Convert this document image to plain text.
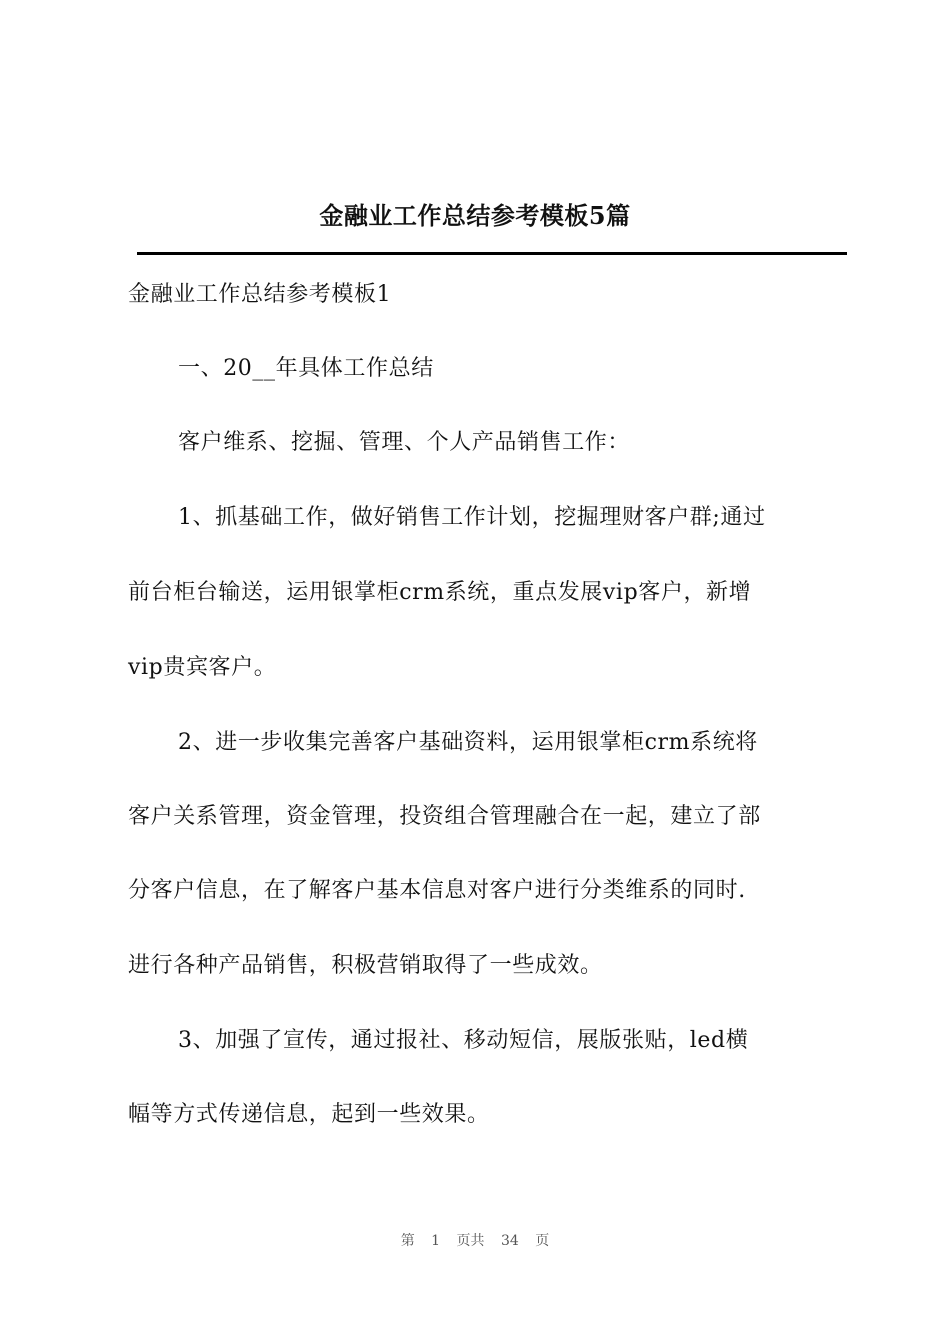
金融业工作总结参考模板5篇
金融业工作总结参考模板1
一、20__年具体工作总结
客户维系、挖掘、管理、个人产品销售工作：
1、抓基础工作，做好销售工作计划，挖掘理财客户群;通过
前台柜台输送，运用银掌柜crm系统，重点发展vip客户，新增
vip贵宾客户。
2、进一步收集完善客户基础资料，运用银掌柜crm系统将
客户关系管理，资金管理，投资组合管理融合在一起，建立了部
分客户信息，在了解客户基本信息对客户进行分类维系的同时.
进行各种产品销售，积极营销取得了一些成效。
3、加强了宣传，通过报社、移动短信，展版张贴，led横
幅等方式传递信息，起到一些效果。
第 1 页共 34 页
